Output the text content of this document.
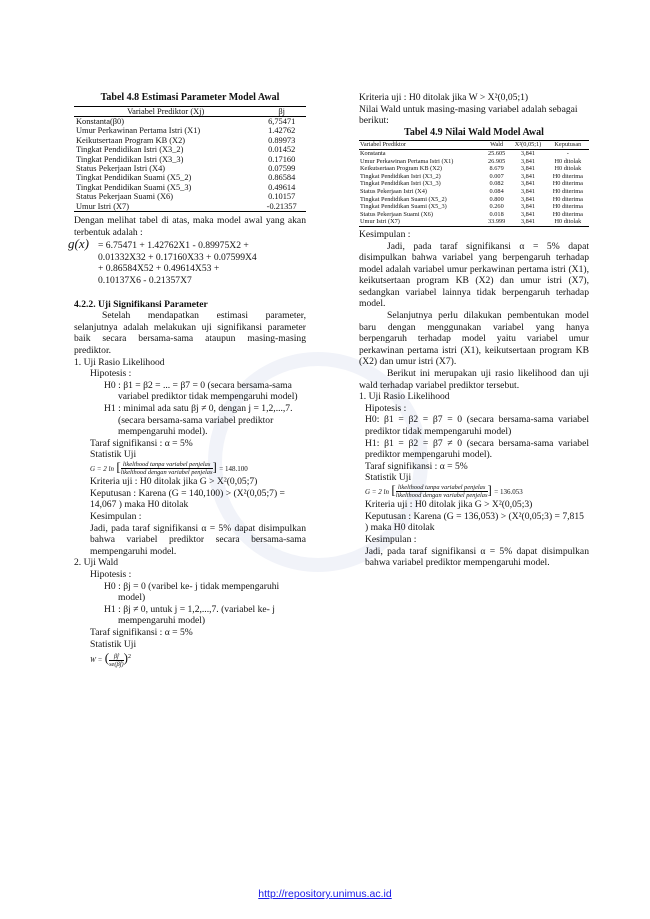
Tabel 4.8 Estimasi Parameter Model Awal
Variabel Prediktor (Xj)	βj
Konstanta(β0)	6,75471
Umur Perkawinan Pertama Istri (X1)	1.42762
Keikutsertaan Program KB (X2)	0.89973
Tingkat Pendidikan Istri (X3_2)	0.01452
Tingkat Pendidikan Istri (X3_3)	0.17160
Status Pekerjaan Istri (X4)	0.07599
Tingkat Pendidikan Suami (X5_2)	0.86584
Tingkat Pendidikan Suami (X5_3)	0.49614
Status Pekerjaan Suami (X6)	0.10157
Umur Istri (X7)	-0.21357

Dengan melihat tabel di atas, maka model awal yang akan terbentuk adalah :

g(x) = 6.75471 + 1.42762X1 - 0.89975X2 +

0.01332X32 + 0.17160X33 + 0.07599X4

+ 0.86584X52 + 0.49614X53 +

0.10137X6 - 0.21357X7

4.2.2. Uji Signifikansi Parameter

Setelah mendapatkan estimasi parameter, selanjutnya adalah melakukan uji signifikansi parameter baik secara bersama-sama ataupun masing-masing prediktor.

1. Uji Rasio Likelihood

Hipotesis :

H0 : β1 = β2 = ... = β7 = 0 (secara bersama-sama variabel prediktor tidak mempengaruhi model)

H1 : minimal ada satu βj ≠ 0, dengan j = 1,2,...,7. (secara bersama-sama variabel prediktor mempengaruhi model).

Taraf signifikansi : α = 5%

Statistik Uji

G = 2 ln [ $\frac{\text{likelihood tanpa variabel penjelas}}{\text{likelihood dengan variabel penjelas}}$ ] = 148.100

Kriteria uji : H0 ditolak jika G > X²(0,05;7)

Keputusan : Karena (G = 140,100) > (X²(0,05;7) = 14,067 ) maka H0 ditolak

Kesimpulan :

Jadi, pada taraf signifikansi α = 5% dapat disimpulkan bahwa variabel prediktor secara bersama-sama mempengaruhi model.

2. Uji Wald

Hipotesis :

H0 : βj = 0 (varibel ke- j tidak mempengaruhi model)

H1 : βj ≠ 0, untuk j = 1,2,...,7. (variabel ke- j mempengaruhi model)

Taraf signifikansi : α = 5%

Statistik Uji

W = ( $\frac{\betâj}{se(\betâj)} )^2$

Kriteria uji : H0 ditolak jika W > X²(0,05;1)

Nilai Wald untuk masing-masing variabel adalah sebagai berikut:

Tabel 4.9 Nilai Wald Model Awal
Variabel Prediktor	Wald	X²(0,05;1)	Keputusan
Konstanta	25.605	3,841	-
Umur Perkawinan Pertama Istri (X1)	26.905	3,841	H0 ditolak
Keikutsertaan Program KB (X2)	8.679	3,841	H0 ditolak
Tingkat Pendidikan Istri (X3_2)	0.007	3,841	H0 diterima
Tingkat Pendidikan Istri (X3_3)	0.082	3,841	H0 diterima
Status Pekerjaan Istri (X4)	0.084	3,841	H0 diterima
Tingkat Pendidikan Suami (X5_2)	0.800	3,841	H0 diterima
Tingkat Pendidikan Suami (X5_3)	0.260	3,841	H0 diterima
Status Pekerjaan Suami (X6)	0.018	3,841	H0 diterima
Umur Istri (X7)	33.999	3,841	H0 ditolak

Kesimpulan :

Jadi, pada taraf signifikansi α = 5% dapat disimpulkan bahwa variabel yang berpengaruh terhadap model adalah variabel umur perkawinan pertama istri (X1), keikutsertaan program KB (X2) dan umur istri (X7), sedangkan variabel lainnya tidak berpengaruh terhadap model.

Selanjutnya perlu dilakukan pembentukan model baru dengan menggunakan variabel yang hanya berpengaruh terhadap model yaitu variabel umur perkawinan pertama istri (X1), keikutsertaan program KB (X2) dan umur istri (X7).

Berikut ini merupakan uji rasio likelihood dan uji wald terhadap variabel prediktor tersebut.

1. Uji Rasio Likelihood

Hipotesis :

H0: β1 = β2 = β7 = 0 (secara bersama-sama variabel prediktor tidak mempengaruhi model)

H1: β1 = β2 = β7 ≠ 0 (secara bersama-sama variabel prediktor mempengaruhi model).

Taraf signifikansi : α = 5%

Statistik Uji

G = 2 ln [ $\frac{\text{likelihood tanpa variabel penjelas}}{\text{likelihood dengan variabel penjelas}}$ ] = 136.053

Kriteria uji : H0 ditolak jika G > X²(0,05;3)

Keputusan : Karena (G = 136,053) > (X²(0,05;3) = 7,815 ) maka H0 ditolak

Kesimpulan :

Jadi, pada taraf signifikansi α = 5% dapat disimpulkan bahwa variabel prediktor mempengaruhi model.

http://repository.unimus.ac.id
